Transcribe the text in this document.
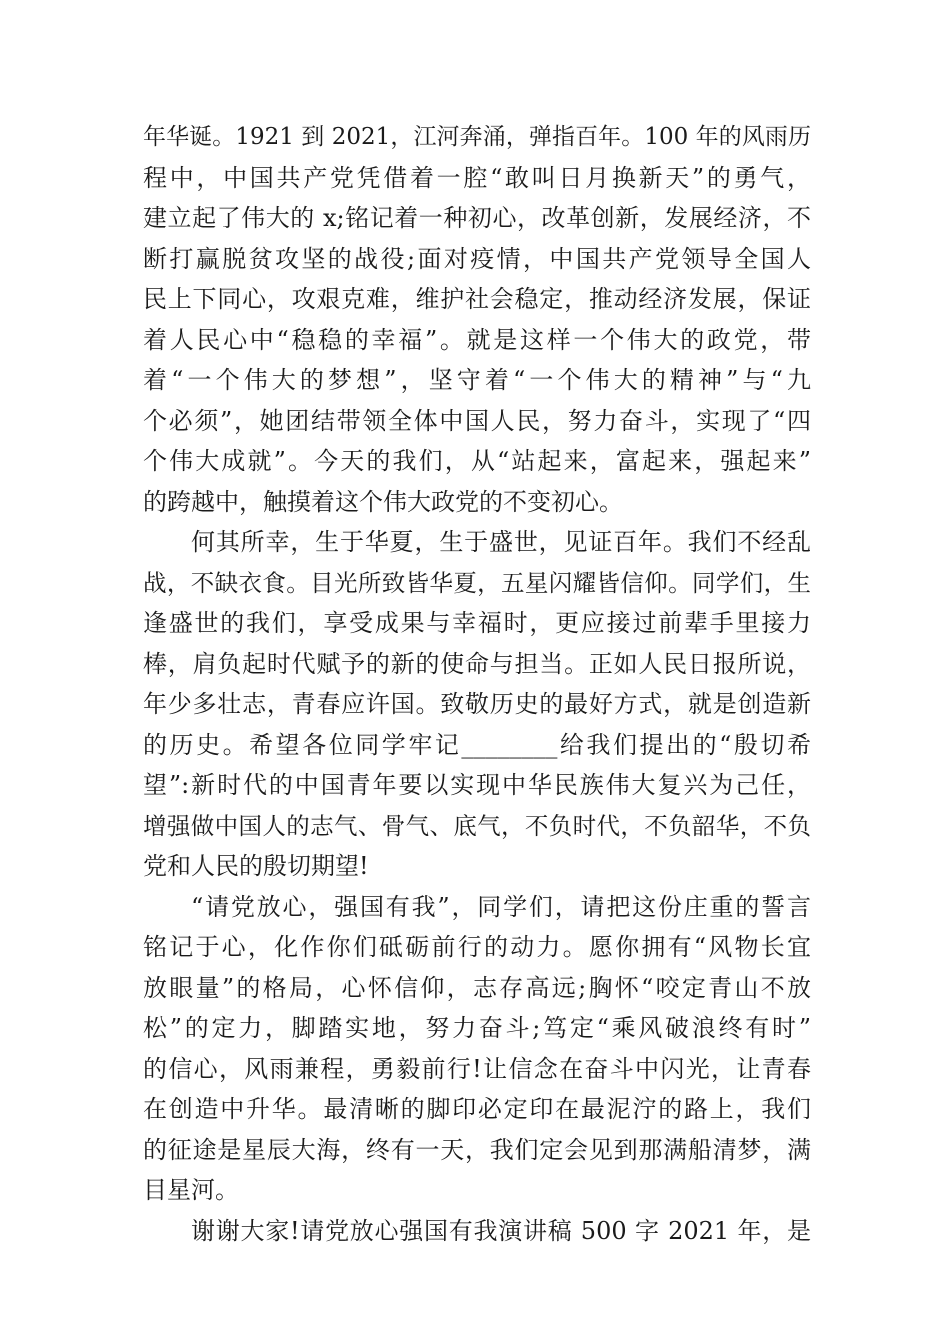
年华诞。1921 到 2021，江河奔涌，弹指百年。100 年的风雨历
程中，中国共产党凭借着一腔“敢叫日月换新天”的勇气，
建立起了伟大的 x;铭记着一种初心，改革创新，发展经济，不
断打赢脱贫攻坚的战役;面对疫情，中国共产党领导全国人
民上下同心，攻艰克难，维护社会稳定，推动经济发展，保证
着人民心中“稳稳的幸福”。就是这样一个伟大的政党，带
着“一个伟大的梦想”，坚守着“一个伟大的精神”与“九
个必须”，她团结带领全体中国人民，努力奋斗，实现了“四
个伟大成就”。今天的我们，从“站起来，富起来，强起来”
的跨越中，触摸着这个伟大政党的不变初心。
何其所幸，生于华夏，生于盛世，见证百年。我们不经乱
战，不缺衣食。目光所致皆华夏，五星闪耀皆信仰。同学们，生
逢盛世的我们，享受成果与幸福时，更应接过前辈手里接力
棒，肩负起时代赋予的新的使命与担当。正如人民日报所说，
年少多壮志，青春应许国。致敬历史的最好方式，就是创造新
的历史。希望各位同学牢记________给我们提出的“殷切希
望”:新时代的中国青年要以实现中华民族伟大复兴为己任，
增强做中国人的志气、骨气、底气，不负时代，不负韶华，不负
党和人民的殷切期望!
“请党放心，强国有我”，同学们，请把这份庄重的誓言
铭记于心，化作你们砥砺前行的动力。愿你拥有“风物长宜
放眼量”的格局，心怀信仰，志存高远;胸怀“咬定青山不放
松”的定力，脚踏实地，努力奋斗;笃定“乘风破浪终有时”
的信心，风雨兼程，勇毅前行!让信念在奋斗中闪光，让青春
在创造中升华。最清晰的脚印必定印在最泥泞的路上，我们
的征途是星辰大海，终有一天，我们定会见到那满船清梦，满
目星河。
谢谢大家!请党放心强国有我演讲稿 500 字 2021 年，是
